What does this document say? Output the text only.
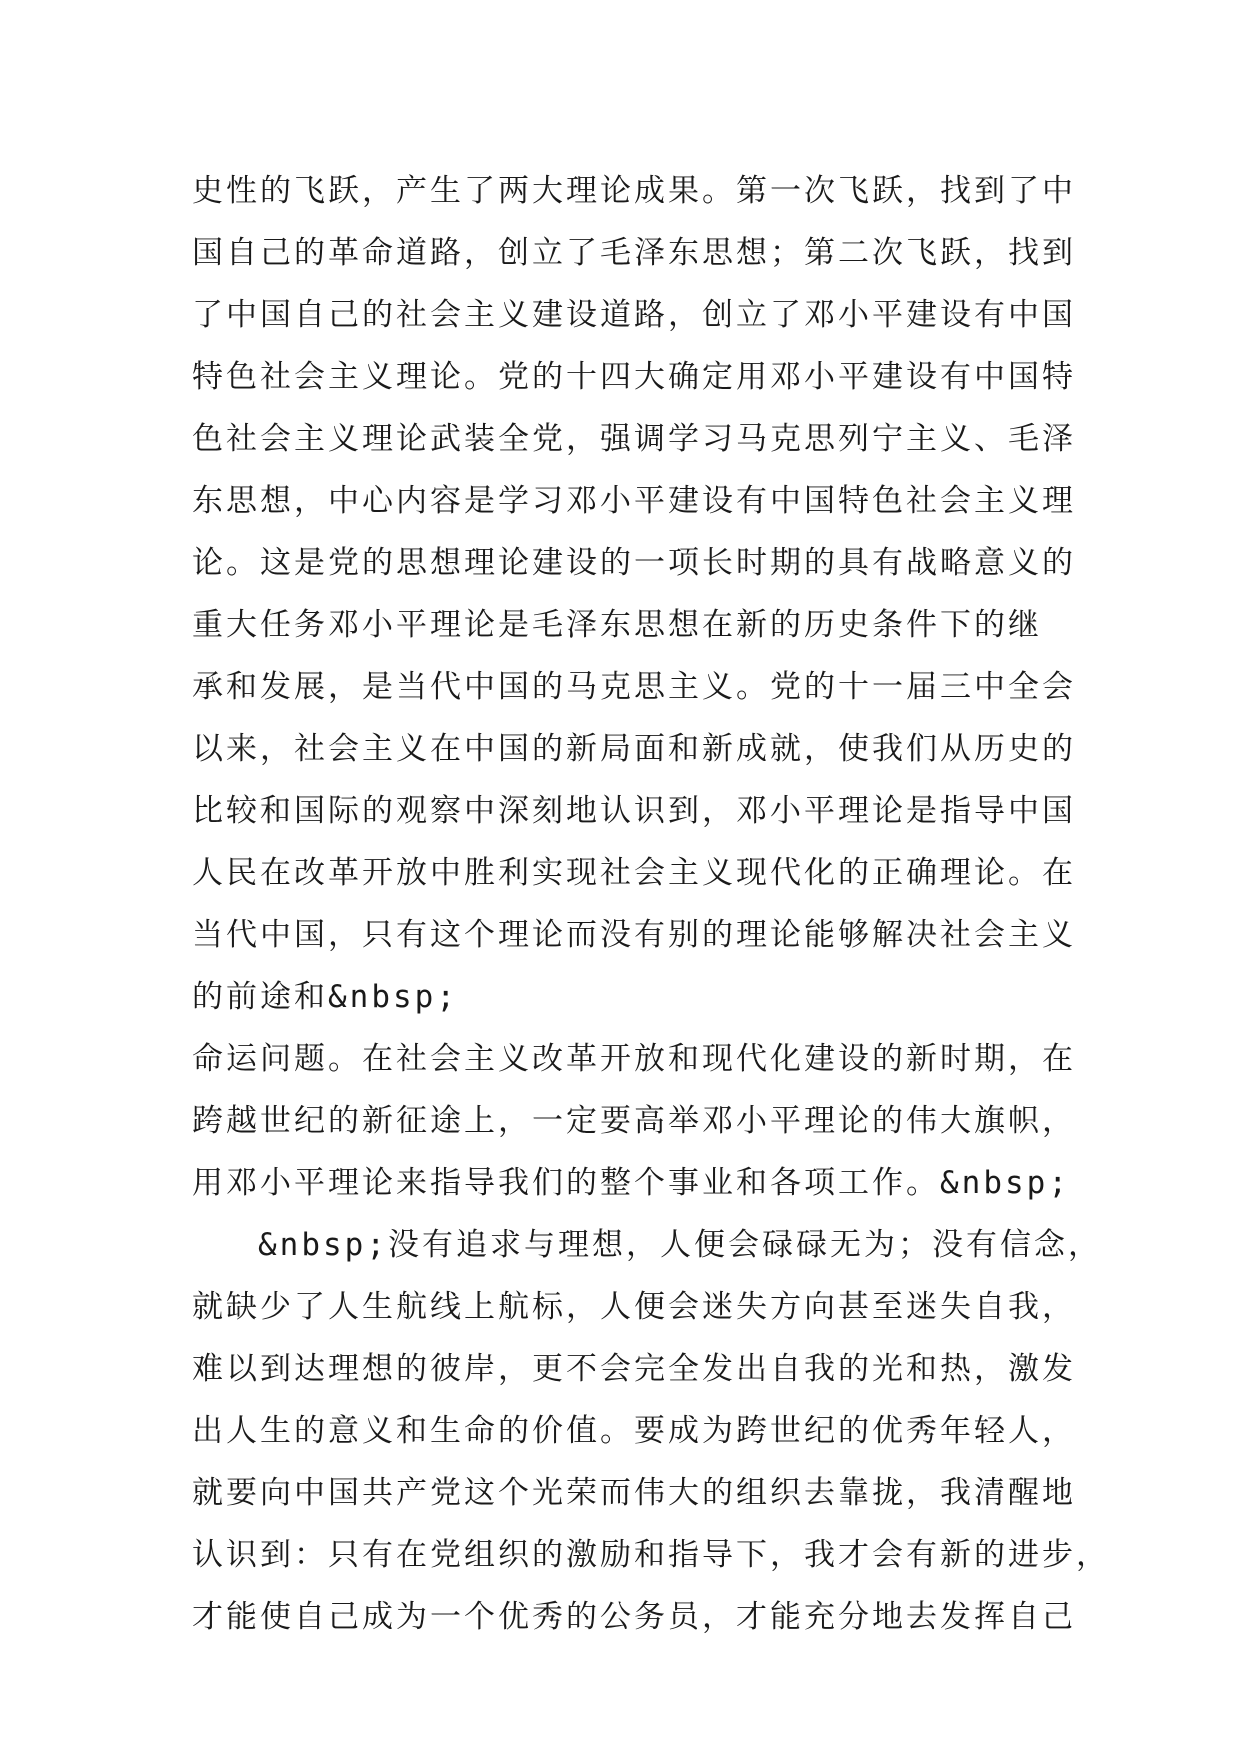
史性的飞跃，产生了两大理论成果。第一次飞跃，找到了中
国自己的革命道路，创立了毛泽东思想；第二次飞跃，找到
了中国自己的社会主义建设道路，创立了邓小平建设有中国
特色社会主义理论。党的十四大确定用邓小平建设有中国特
色社会主义理论武装全党，强调学习马克思列宁主义、毛泽
东思想，中心内容是学习邓小平建设有中国特色社会主义理
论。这是党的思想理论建设的一项长时期的具有战略意义的
重大任务邓小平理论是毛泽东思想在新的历史条件下的继
承和发展，是当代中国的马克思主义。党的十一届三中全会
以来，社会主义在中国的新局面和新成就，使我们从历史的
比较和国际的观察中深刻地认识到，邓小平理论是指导中国
人民在改革开放中胜利实现社会主义现代化的正确理论。在
当代中国，只有这个理论而没有别的理论能够解决社会主义
的前途和&nbsp;
命运问题。在社会主义改革开放和现代化建设的新时期，在
跨越世纪的新征途上，一定要高举邓小平理论的伟大旗帜，
用邓小平理论来指导我们的整个事业和各项工作。&nbsp;
&nbsp;没有追求与理想，人便会碌碌无为；没有信念，
就缺少了人生航线上航标，人便会迷失方向甚至迷失自我，
难以到达理想的彼岸，更不会完全发出自我的光和热，激发
出人生的意义和生命的价值。要成为跨世纪的优秀年轻人，
就要向中国共产党这个光荣而伟大的组织去靠拢，我清醒地
认识到：只有在党组织的激励和指导下，我才会有新的进步，
才能使自己成为一个优秀的公务员，才能充分地去发挥自己
